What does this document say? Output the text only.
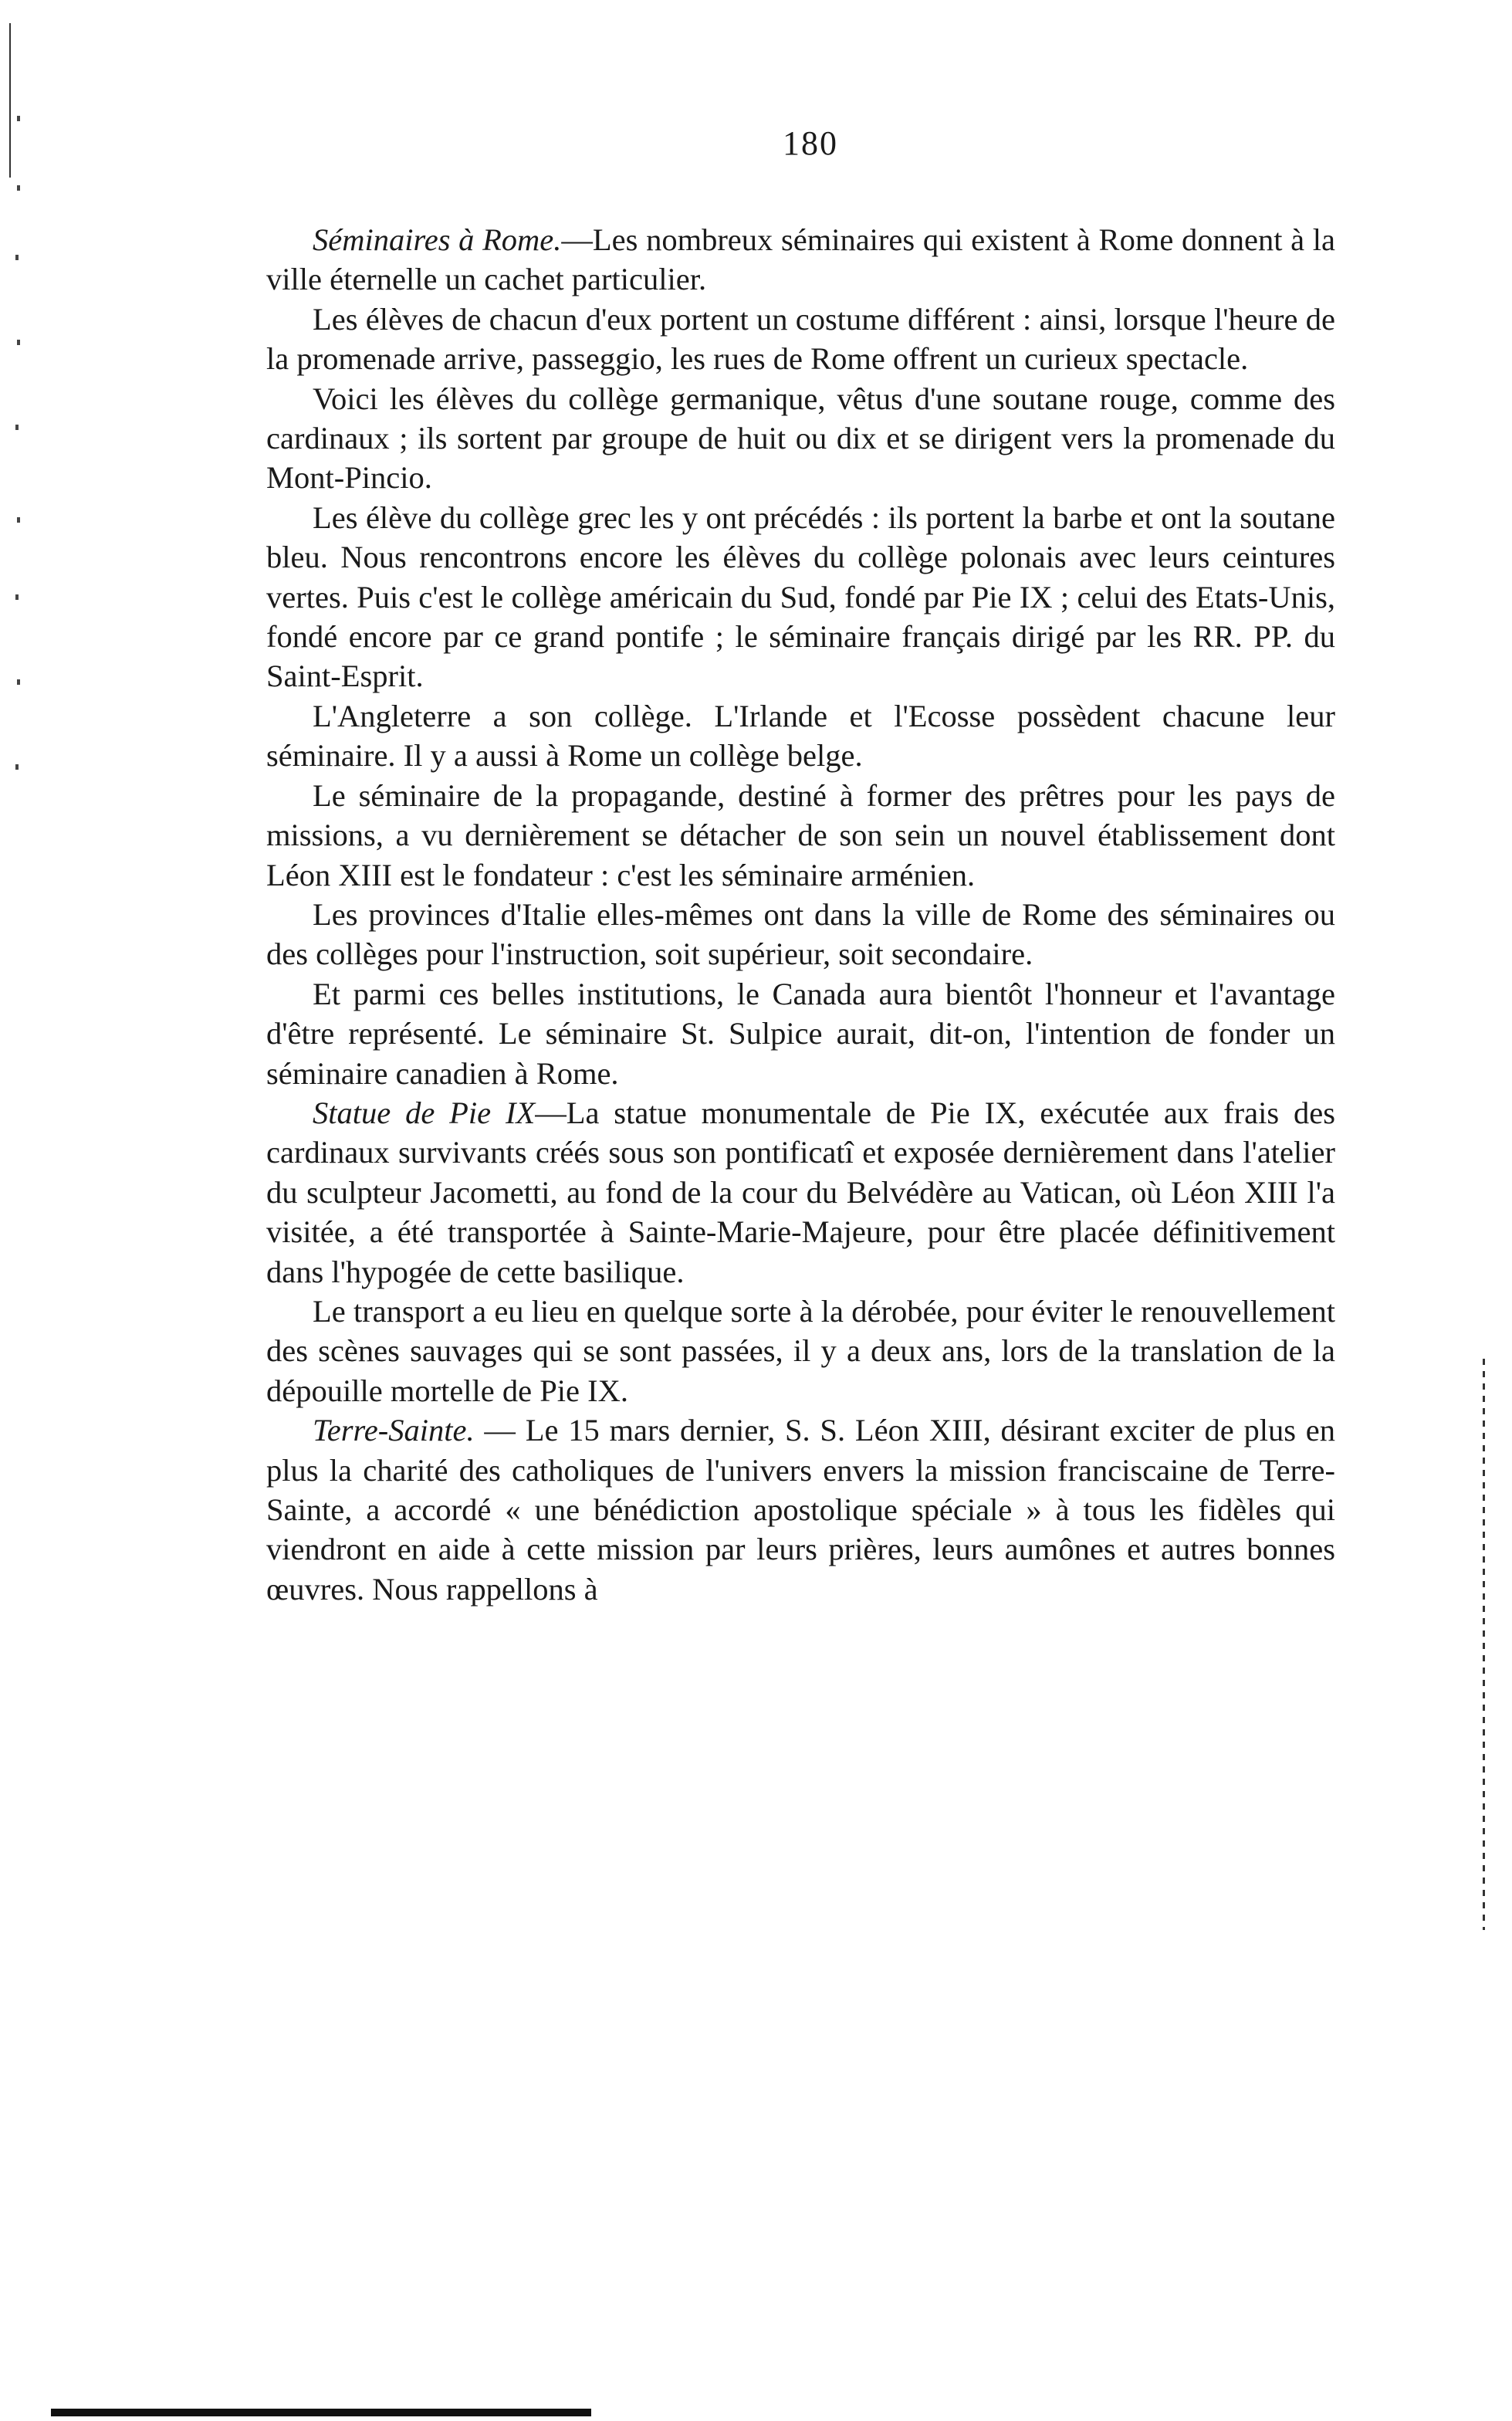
180

Séminaires à Rome.—Les nombreux séminaires qui existent à Rome donnent à la ville éternelle un cachet particulier.

Les élèves de chacun d'eux portent un costume différent : ainsi, lorsque l'heure de la promenade arrive, passeggio, les rues de Rome offrent un curieux spectacle.

Voici les élèves du collège germanique, vêtus d'une soutane rouge, comme des cardinaux ; ils sortent par groupe de huit ou dix et se dirigent vers la promenade du Mont-Pincio.

Les élève du collège grec les y ont précédés : ils portent la barbe et ont la soutane bleu. Nous rencontrons encore les élèves du collège polonais avec leurs ceintures vertes. Puis c'est le collège américain du Sud, fondé par Pie IX ; celui des Etats-Unis, fondé encore par ce grand pontife ; le séminaire français dirigé par les RR. PP. du Saint-Esprit.

L'Angleterre a son collège. L'Irlande et l'Ecosse possèdent chacune leur séminaire. Il y a aussi à Rome un collège belge.

Le séminaire de la propagande, destiné à former des prêtres pour les pays de missions, a vu dernièrement se détacher de son sein un nouvel établissement dont Léon XIII est le fondateur : c'est les séminaire arménien.

Les provinces d'Italie elles-mêmes ont dans la ville de Rome des séminaires ou des collèges pour l'instruction, soit supérieur, soit secondaire.

Et parmi ces belles institutions, le Canada aura bientôt l'honneur et l'avantage d'être représenté. Le séminaire St. Sulpice aurait, dit-on, l'intention de fonder un séminaire canadien à Rome.

Statue de Pie IX—La statue monumentale de Pie IX, exécutée aux frais des cardinaux survivants créés sous son pontificatî et exposée dernièrement dans l'atelier du sculpteur Jacometti, au fond de la cour du Belvédère au Vatican, où Léon XIII l'a visitée, a été transportée à Sainte-Marie-Majeure, pour être placée définitivement dans l'hypogée de cette basilique.

Le transport a eu lieu en quelque sorte à la dérobée, pour éviter le renouvellement des scènes sauvages qui se sont passées, il y a deux ans, lors de la translation de la dépouille mortelle de Pie IX.

Terre-Sainte. — Le 15 mars dernier, S. S. Léon XIII, désirant exciter de plus en plus la charité des catholiques de l'univers envers la mission franciscaine de Terre-Sainte, a accordé « une bénédiction apostolique spéciale » à tous les fidèles qui viendront en aide à cette mission par leurs prières, leurs aumônes et autres bonnes œuvres. Nous rappellons à
